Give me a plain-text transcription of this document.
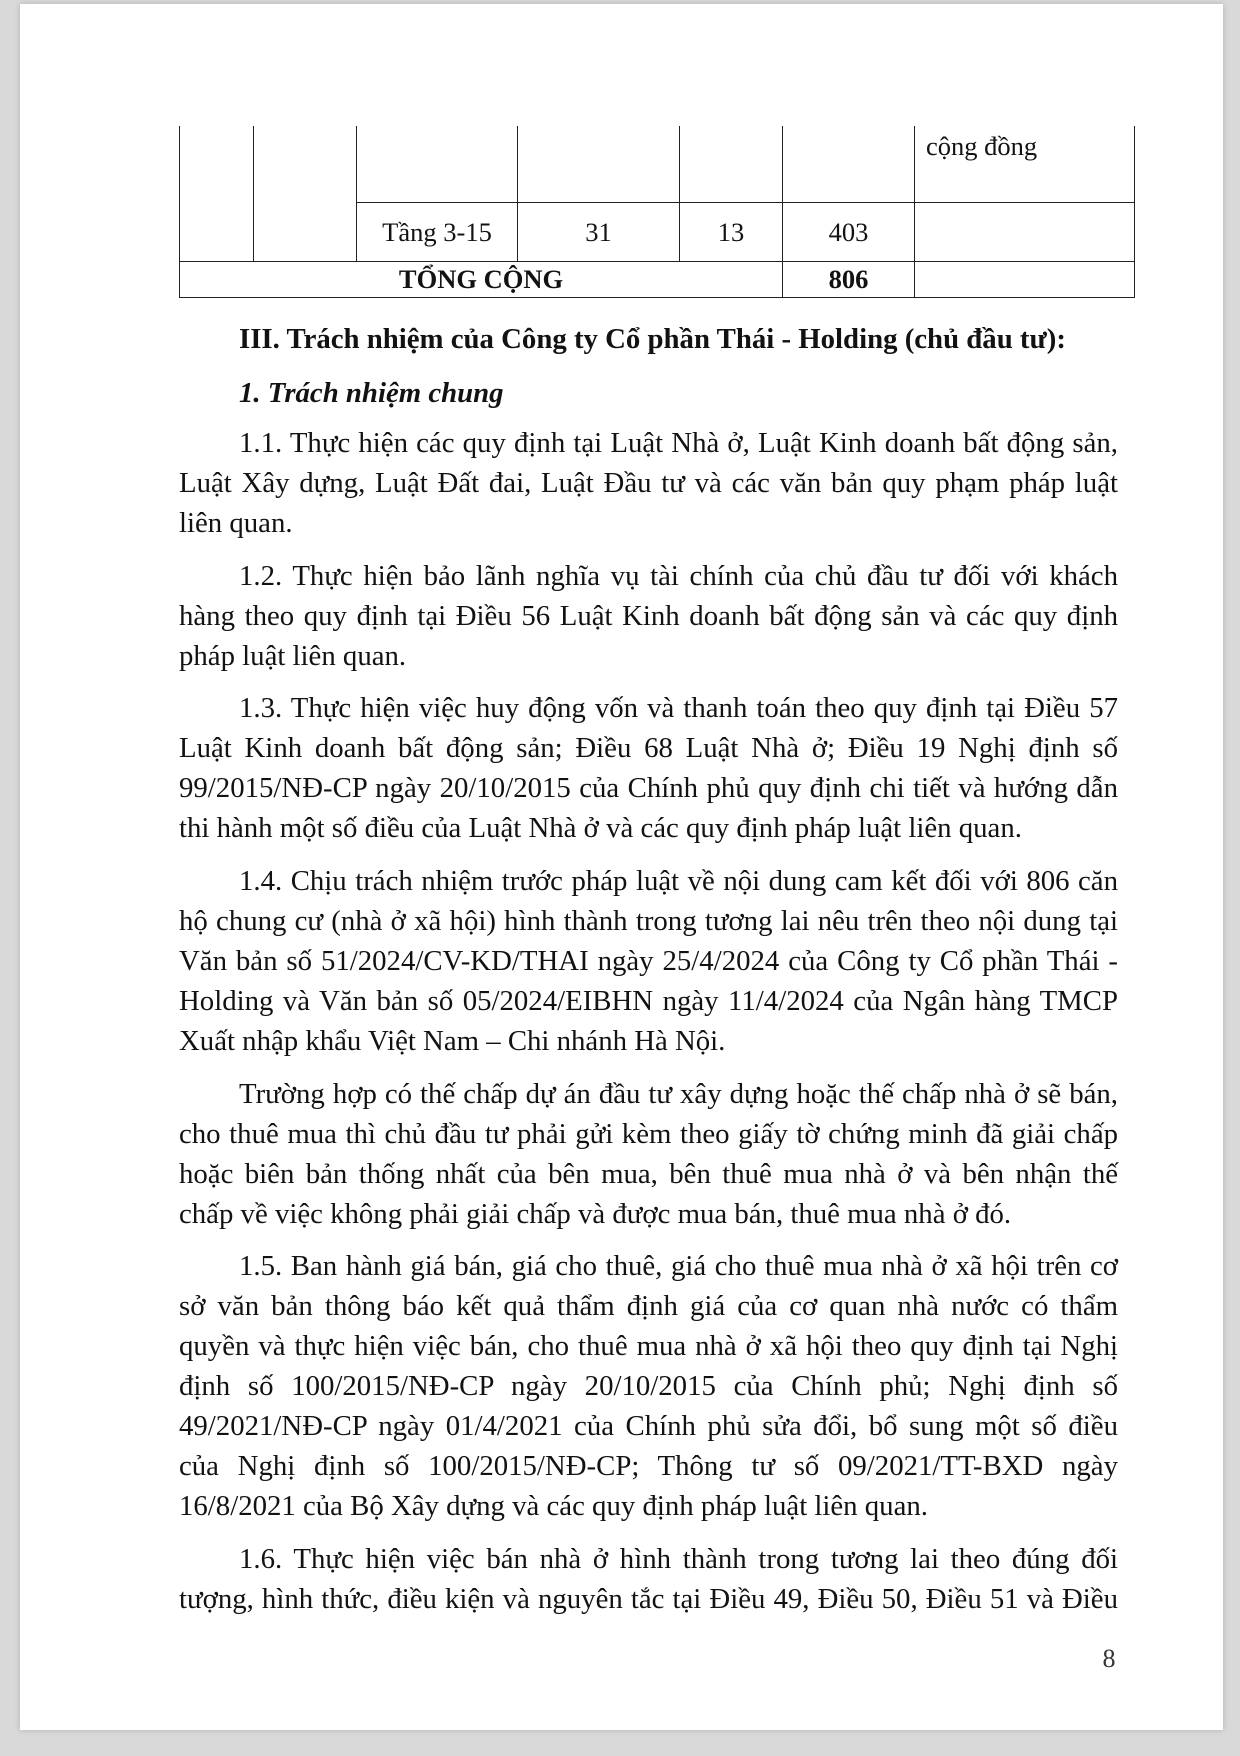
						cộng đồng
		Tầng 3-15	31	13	403	
TỔNG CỘNG					806	
III. Trách nhiệm của Công ty Cổ phần Thái - Holding (chủ đầu tư):
1. Trách nhiệm chung
1.1. Thực hiện các quy định tại Luật Nhà ở, Luật Kinh doanh bất động sản,
Luật Xây dựng, Luật Đất đai, Luật Đầu tư và các văn bản quy phạm pháp luật
liên quan.
1.2. Thực hiện bảo lãnh nghĩa vụ tài chính của chủ đầu tư đối với khách
hàng theo quy định tại Điều 56 Luật Kinh doanh bất động sản và các quy định
pháp luật liên quan.
1.3. Thực hiện việc huy động vốn và thanh toán theo quy định tại Điều 57
Luật Kinh doanh bất động sản; Điều 68 Luật Nhà ở; Điều 19 Nghị định số
99/2015/NĐ-CP ngày 20/10/2015 của Chính phủ quy định chi tiết và hướng dẫn
thi hành một số điều của Luật Nhà ở và các quy định pháp luật liên quan.
1.4. Chịu trách nhiệm trước pháp luật về nội dung cam kết đối với 806 căn
hộ chung cư (nhà ở xã hội) hình thành trong tương lai nêu trên theo nội dung tại
Văn bản số 51/2024/CV-KD/THAI ngày 25/4/2024 của Công ty Cổ phần Thái -
Holding và Văn bản số 05/2024/EIBHN ngày 11/4/2024 của Ngân hàng TMCP
Xuất nhập khẩu Việt Nam – Chi nhánh Hà Nội.
Trường hợp có thế chấp dự án đầu tư xây dựng hoặc thế chấp nhà ở sẽ bán,
cho thuê mua thì chủ đầu tư phải gửi kèm theo giấy tờ chứng minh đã giải chấp
hoặc biên bản thống nhất của bên mua, bên thuê mua nhà ở và bên nhận thế
chấp về việc không phải giải chấp và được mua bán, thuê mua nhà ở đó.
1.5. Ban hành giá bán, giá cho thuê, giá cho thuê mua nhà ở xã hội trên cơ
sở văn bản thông báo kết quả thẩm định giá của cơ quan nhà nước có thẩm
quyền và thực hiện việc bán, cho thuê mua nhà ở xã hội theo quy định tại Nghị
định số 100/2015/NĐ-CP ngày 20/10/2015 của Chính phủ; Nghị định số
49/2021/NĐ-CP ngày 01/4/2021 của Chính phủ sửa đổi, bổ sung một số điều
của Nghị định số 100/2015/NĐ-CP; Thông tư số 09/2021/TT-BXD ngày
16/8/2021 của Bộ Xây dựng và các quy định pháp luật liên quan.
1.6. Thực hiện việc bán nhà ở hình thành trong tương lai theo đúng đối
tượng, hình thức, điều kiện và nguyên tắc tại Điều 49, Điều 50, Điều 51 và Điều
8
